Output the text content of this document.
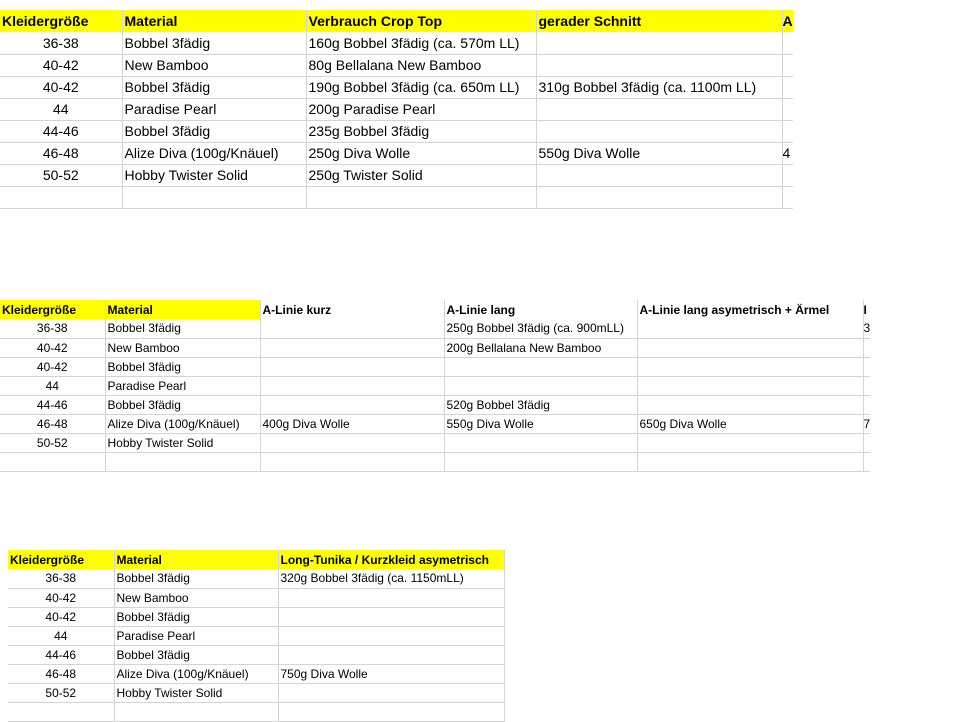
Kleidergröße	Material	Verbrauch Crop Top	gerader Schnitt	A
36-38	Bobbel 3fädig	160g Bobbel 3fädig (ca. 570m LL)		
40-42	New Bamboo	80g Bellalana New Bamboo		
40-42	Bobbel 3fädig	190g Bobbel 3fädig (ca. 650m LL)	310g Bobbel 3fädig (ca. 1100m LL)	
44	Paradise Pearl	200g Paradise Pearl		
44-46	Bobbel 3fädig	235g Bobbel 3fädig		
46-48	Alize Diva (100g/Knäuel)	250g Diva Wolle	550g Diva Wolle	4
50-52	Hobby Twister Solid	250g Twister Solid		

Kleidergröße	Material	A-Linie kurz	A-Linie lang	A-Linie lang asymetrisch + Ärmel	I
36-38	Bobbel 3fädig		250g Bobbel 3fädig (ca. 900mLL)		3
40-42	New Bamboo		200g Bellalana New Bamboo		
40-42	Bobbel 3fädig				
44	Paradise Pearl				
44-46	Bobbel 3fädig		520g Bobbel 3fädig		
46-48	Alize Diva (100g/Knäuel)	400g Diva Wolle	550g Diva Wolle	650g Diva Wolle	7
50-52	Hobby Twister Solid				

Kleidergröße	Material	Long-Tunika / Kurzkleid asymetrisch
36-38	Bobbel 3fädig	320g Bobbel 3fädig (ca. 1150mLL)
40-42	New Bamboo	
40-42	Bobbel 3fädig	
44	Paradise Pearl	
44-46	Bobbel 3fädig	
46-48	Alize Diva (100g/Knäuel)	750g Diva Wolle
50-52	Hobby Twister Solid	
